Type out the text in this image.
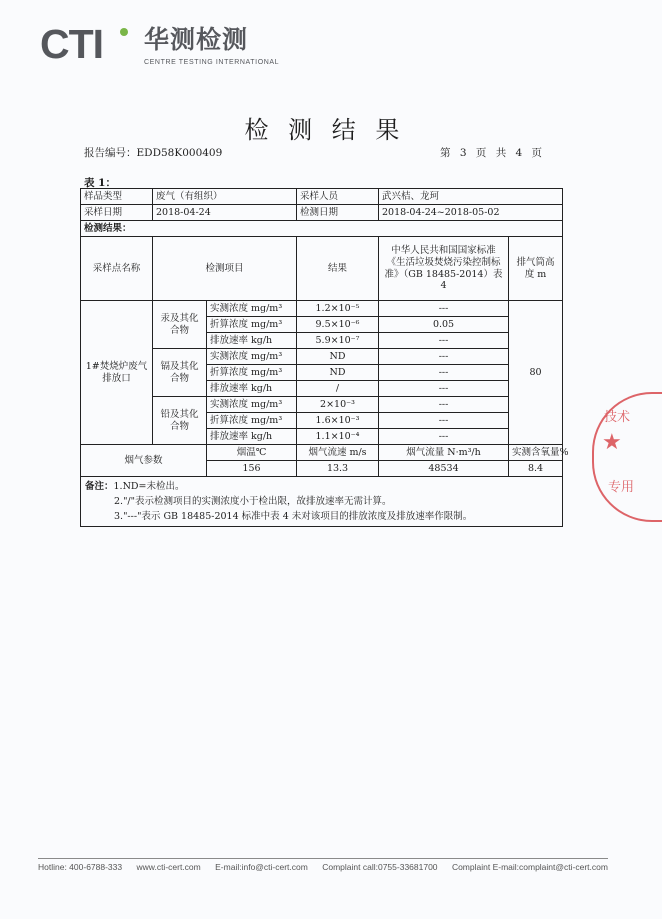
CTI 华测检测
CENTRE TESTING INTERNATIONAL
检 测 结 果
报告编号：EDD58K000409	第 3 页 共 4 页
表 1：
样品类型	废气（有组织）		采样人员	武兴桔、龙珂	
采样日期	2018-04-24		检测日期	2018-04-24~2018-05-02	
检测结果：					
采样点名称	检测项目		结果	中华人民共和国国家标准《生活垃圾焚烧污染控制标准》（GB 18485-2014）表 4	排气筒高度 m
1#焚烧炉废气排放口	汞及其化合物	实测浓度 mg/m³	1.2×10⁻⁵	---	80
		折算浓度 mg/m³	9.5×10⁻⁶	0.05	
		排放速率 kg/h	5.9×10⁻⁷	---	
	镉及其化合物	实测浓度 mg/m³	ND	---	
		折算浓度 mg/m³	ND	---	
		排放速率 kg/h	/	---	
	铅及其化合物	实测浓度 mg/m³	2×10⁻³	---	
		折算浓度 mg/m³	1.6×10⁻³	---	
		排放速率 kg/h	1.1×10⁻⁴	---	
烟气参数		烟温℃	烟气流速 m/s	烟气流量 N·m³/h	实测含氧量%
		156	13.3	48534	8.4

备注：1.ND=未检出。
2."/"表示检测项目的实测浓度小于检出限，故排放速率无需计算。
3."---"表示 GB 18485-2014 标准中表 4 未对该项目的排放浓度及排放速率作限制。					
技术
★
专用
Hotline: 400-6788-333 www.cti-cert.com E-mail:info@cti-cert.com Complaint call:0755-33681700 Complaint E-mail:complaint@cti-cert.com
